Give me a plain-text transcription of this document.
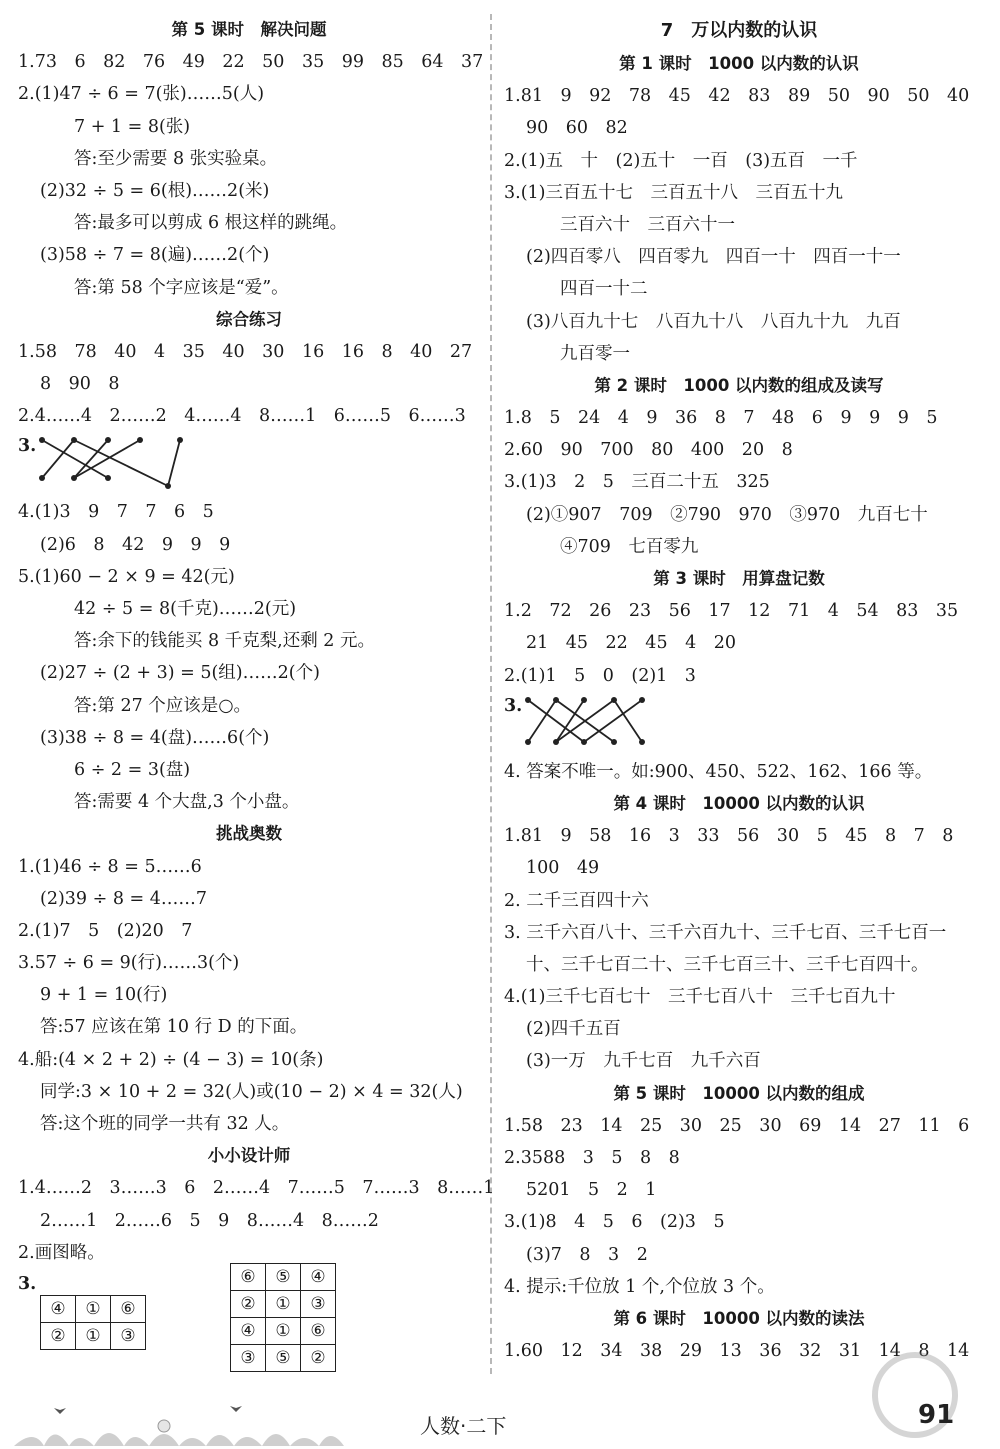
第 5 课时　解决问题
1.73　6　82　76　49　22　50　35　99　85　64　37
2.(1)47 ÷ 6 = 7(张)……5(人)
7 + 1 = 8(张)
答:至少需要 8 张实验桌。
(2)32 ÷ 5 = 6(根)……2(米)
答:最多可以剪成 6 根这样的跳绳。
(3)58 ÷ 7 = 8(遍)……2(个)
答:第 58 个字应该是“爱”。
综合练习
1.58　78　40　4　35　40　30　16　16　8　40　27
8　90　8
2.4……4　2……2　4……4　8……1　6……5　6……3
3.
4.(1)3　9　7　7　6　5
(2)6　8　42　9　9　9
5.(1)60 − 2 × 9 = 42(元)
42 ÷ 5 = 8(千克)……2(元)
答:余下的钱能买 8 千克梨,还剩 2 元。
(2)27 ÷ (2 + 3) = 5(组)……2(个)
答:第 27 个应该是○。
(3)38 ÷ 8 = 4(盘)……6(个)
6 ÷ 2 = 3(盘)
答:需要 4 个大盘,3 个小盘。
挑战奥数
1.(1)46 ÷ 8 = 5……6
(2)39 ÷ 8 = 4……7
2.(1)7　5　(2)20　7
3.57 ÷ 6 = 9(行)……3(个)
9 + 1 = 10(行)
答:57 应该在第 10 行 D 的下面。
4.船:(4 × 2 + 2) ÷ (4 − 3) = 10(条)
同学:3 × 10 + 2 = 32(人)或(10 − 2) × 4 = 32(人)
答:这个班的同学一共有 32 人。
小小设计师
1.4……2　3……3　6　2……4　7……5　7……3　8……1
2……1　2……6　5　9　8……4　8……2
2.画图略。
3.
④	①	⑥
②	①	③
⑥	⑤	④
②	①	③
④	①	⑥
③	⑤	②
7　万以内数的认识
第 1 课时　1000 以内数的认识
1.81　9　92　78　45　42　83　89　50　90　50　40
90　60　82
2.(1)五　十　(2)五十　一百　(3)五百　一千
3.(1)三百五十七　三百五十八　三百五十九
三百六十　三百六十一
(2)四百零八　四百零九　四百一十　四百一十一
四百一十二
(3)八百九十七　八百九十八　八百九十九　九百
九百零一
第 2 课时　1000 以内数的组成及读写
1.8　5　24　4　9　36　8　7　48　6　9　9　9　5
2.60　90　700　80　400　20　8
3.(1)3　2　5　三百二十五　325
(2)①907　709　②790　970　③970　九百七十
④709　七百零九
第 3 课时　用算盘记数
1.2　72　26　23　56　17　12　71　4　54　83　35
21　45　22　45　4　20
2.(1)1　5　0　(2)1　3
3.
4. 答案不唯一。如:900、450、522、162、166 等。
第 4 课时　10000 以内数的认识
1.81　9　58　16　3　33　56　30　5　45　8　7　8
100　49
2. 二千三百四十六
3. 三千六百八十、三千六百九十、三千七百、三千七百一
十、三千七百二十、三千七百三十、三千七百四十。
4.(1)三千七百七十　三千七百八十　三千七百九十
(2)四千五百
(3)一万　九千七百　九千六百
第 5 课时　10000 以内数的组成
1.58　23　14　25　30　25　30　69　14　27　11　6
2.3588　3　5　8　8
5201　5　2　1
3.(1)8　4　5　6　(2)3　5
(3)7　8　3　2
4. 提示:千位放 1 个,个位放 3 个。
第 6 课时　10000 以内数的读法
1.60　12　34　38　29　13　36　32　31　14　8　14
人数·二下	91
